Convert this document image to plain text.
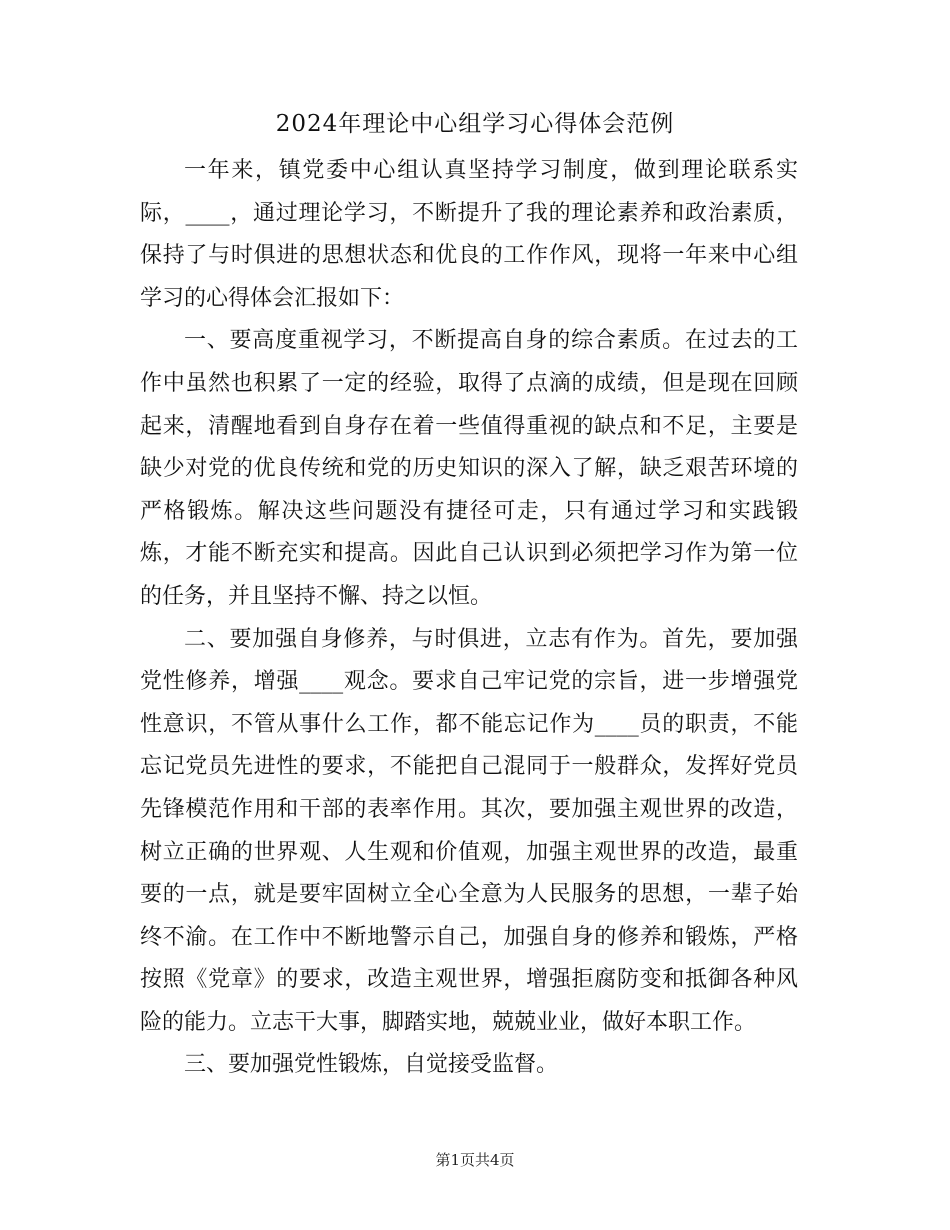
2024年理论中心组学习心得体会范例

一年来，镇党委中心组认真坚持学习制度，做到理论联系实际，____，通过理论学习，不断提升了我的理论素养和政治素质，保持了与时俱进的思想状态和优良的工作作风，现将一年来中心组学习的心得体会汇报如下：

一、要高度重视学习，不断提高自身的综合素质。在过去的工作中虽然也积累了一定的经验，取得了点滴的成绩，但是现在回顾起来，清醒地看到自身存在着一些值得重视的缺点和不足，主要是缺少对党的优良传统和党的历史知识的深入了解，缺乏艰苦环境的严格锻炼。解决这些问题没有捷径可走，只有通过学习和实践锻炼，才能不断充实和提高。因此自己认识到必须把学习作为第一位的任务，并且坚持不懈、持之以恒。

二、要加强自身修养，与时俱进，立志有作为。首先，要加强党性修养，增强____观念。要求自己牢记党的宗旨，进一步增强党性意识，不管从事什么工作，都不能忘记作为____员的职责，不能忘记党员先进性的要求，不能把自己混同于一般群众，发挥好党员先锋模范作用和干部的表率作用。其次，要加强主观世界的改造，树立正确的世界观、人生观和价值观，加强主观世界的改造，最重要的一点，就是要牢固树立全心全意为人民服务的思想，一辈子始终不渝。在工作中不断地警示自己，加强自身的修养和锻炼，严格按照《党章》的要求，改造主观世界，增强拒腐防变和抵御各种风险的能力。立志干大事，脚踏实地，兢兢业业，做好本职工作。

三、要加强党性锻炼，自觉接受监督。

第1页共4页
